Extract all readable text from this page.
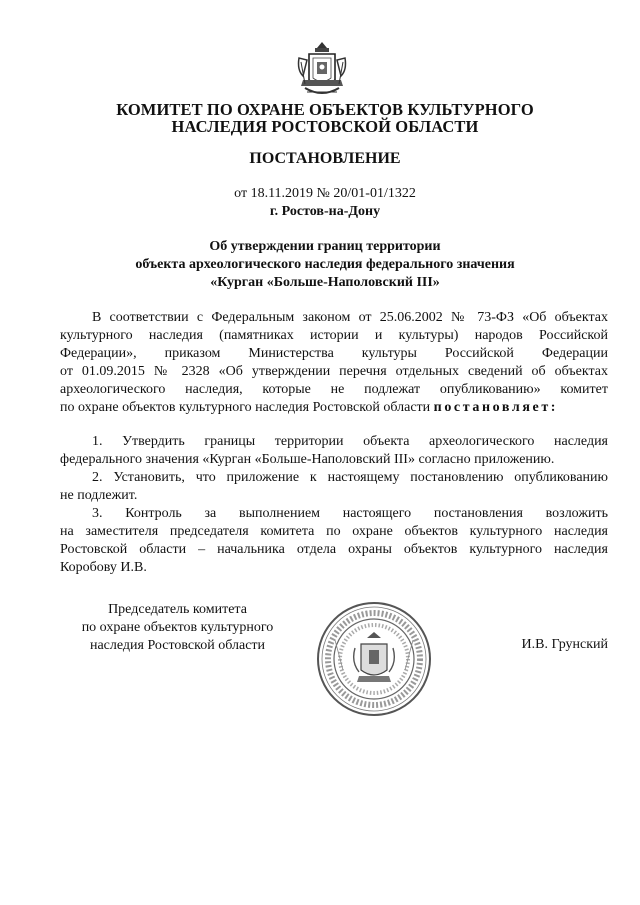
КОМИТЕТ ПО ОХРАНЕ ОБЪЕКТОВ КУЛЬТУРНОГО
НАСЛЕДИЯ РОСТОВСКОЙ ОБЛАСТИ
ПОСТАНОВЛЕНИЕ
от 18.11.2019 № 20/01-01/1322
г. Ростов-на-Дону
Об утверждении границ территории
объекта археологического наследия федерального значения
«Курган «Больше-Наполовский III»
В соответствии с Федеральным законом от 25.06.2002 № 73-ФЗ «Об объектах
культурного наследия (памятниках истории и культуры) народов Российской
Федерации», приказом Министерства культуры Российской Федерации
от 01.09.2015 № 2328 «Об утверждении перечня отдельных сведений об объектах
археологического наследия, которые не подлежат опубликованию» комитет
по охране объектов культурного наследия Ростовской области постановляет:
1. Утвердить границы территории объекта археологического наследия
федерального значения «Курган «Больше-Наполовский III» согласно приложению.
2. Установить, что приложение к настоящему постановлению опубликованию
не подлежит.
3. Контроль за выполнением настоящего постановления возложить
на заместителя председателя комитета по охране объектов культурного наследия
Ростовской области – начальника отдела охраны объектов культурного наследия
Коробову И.В.
Председатель комитета
по охране объектов культурного
наследия Ростовской области	И.В. Грунский
